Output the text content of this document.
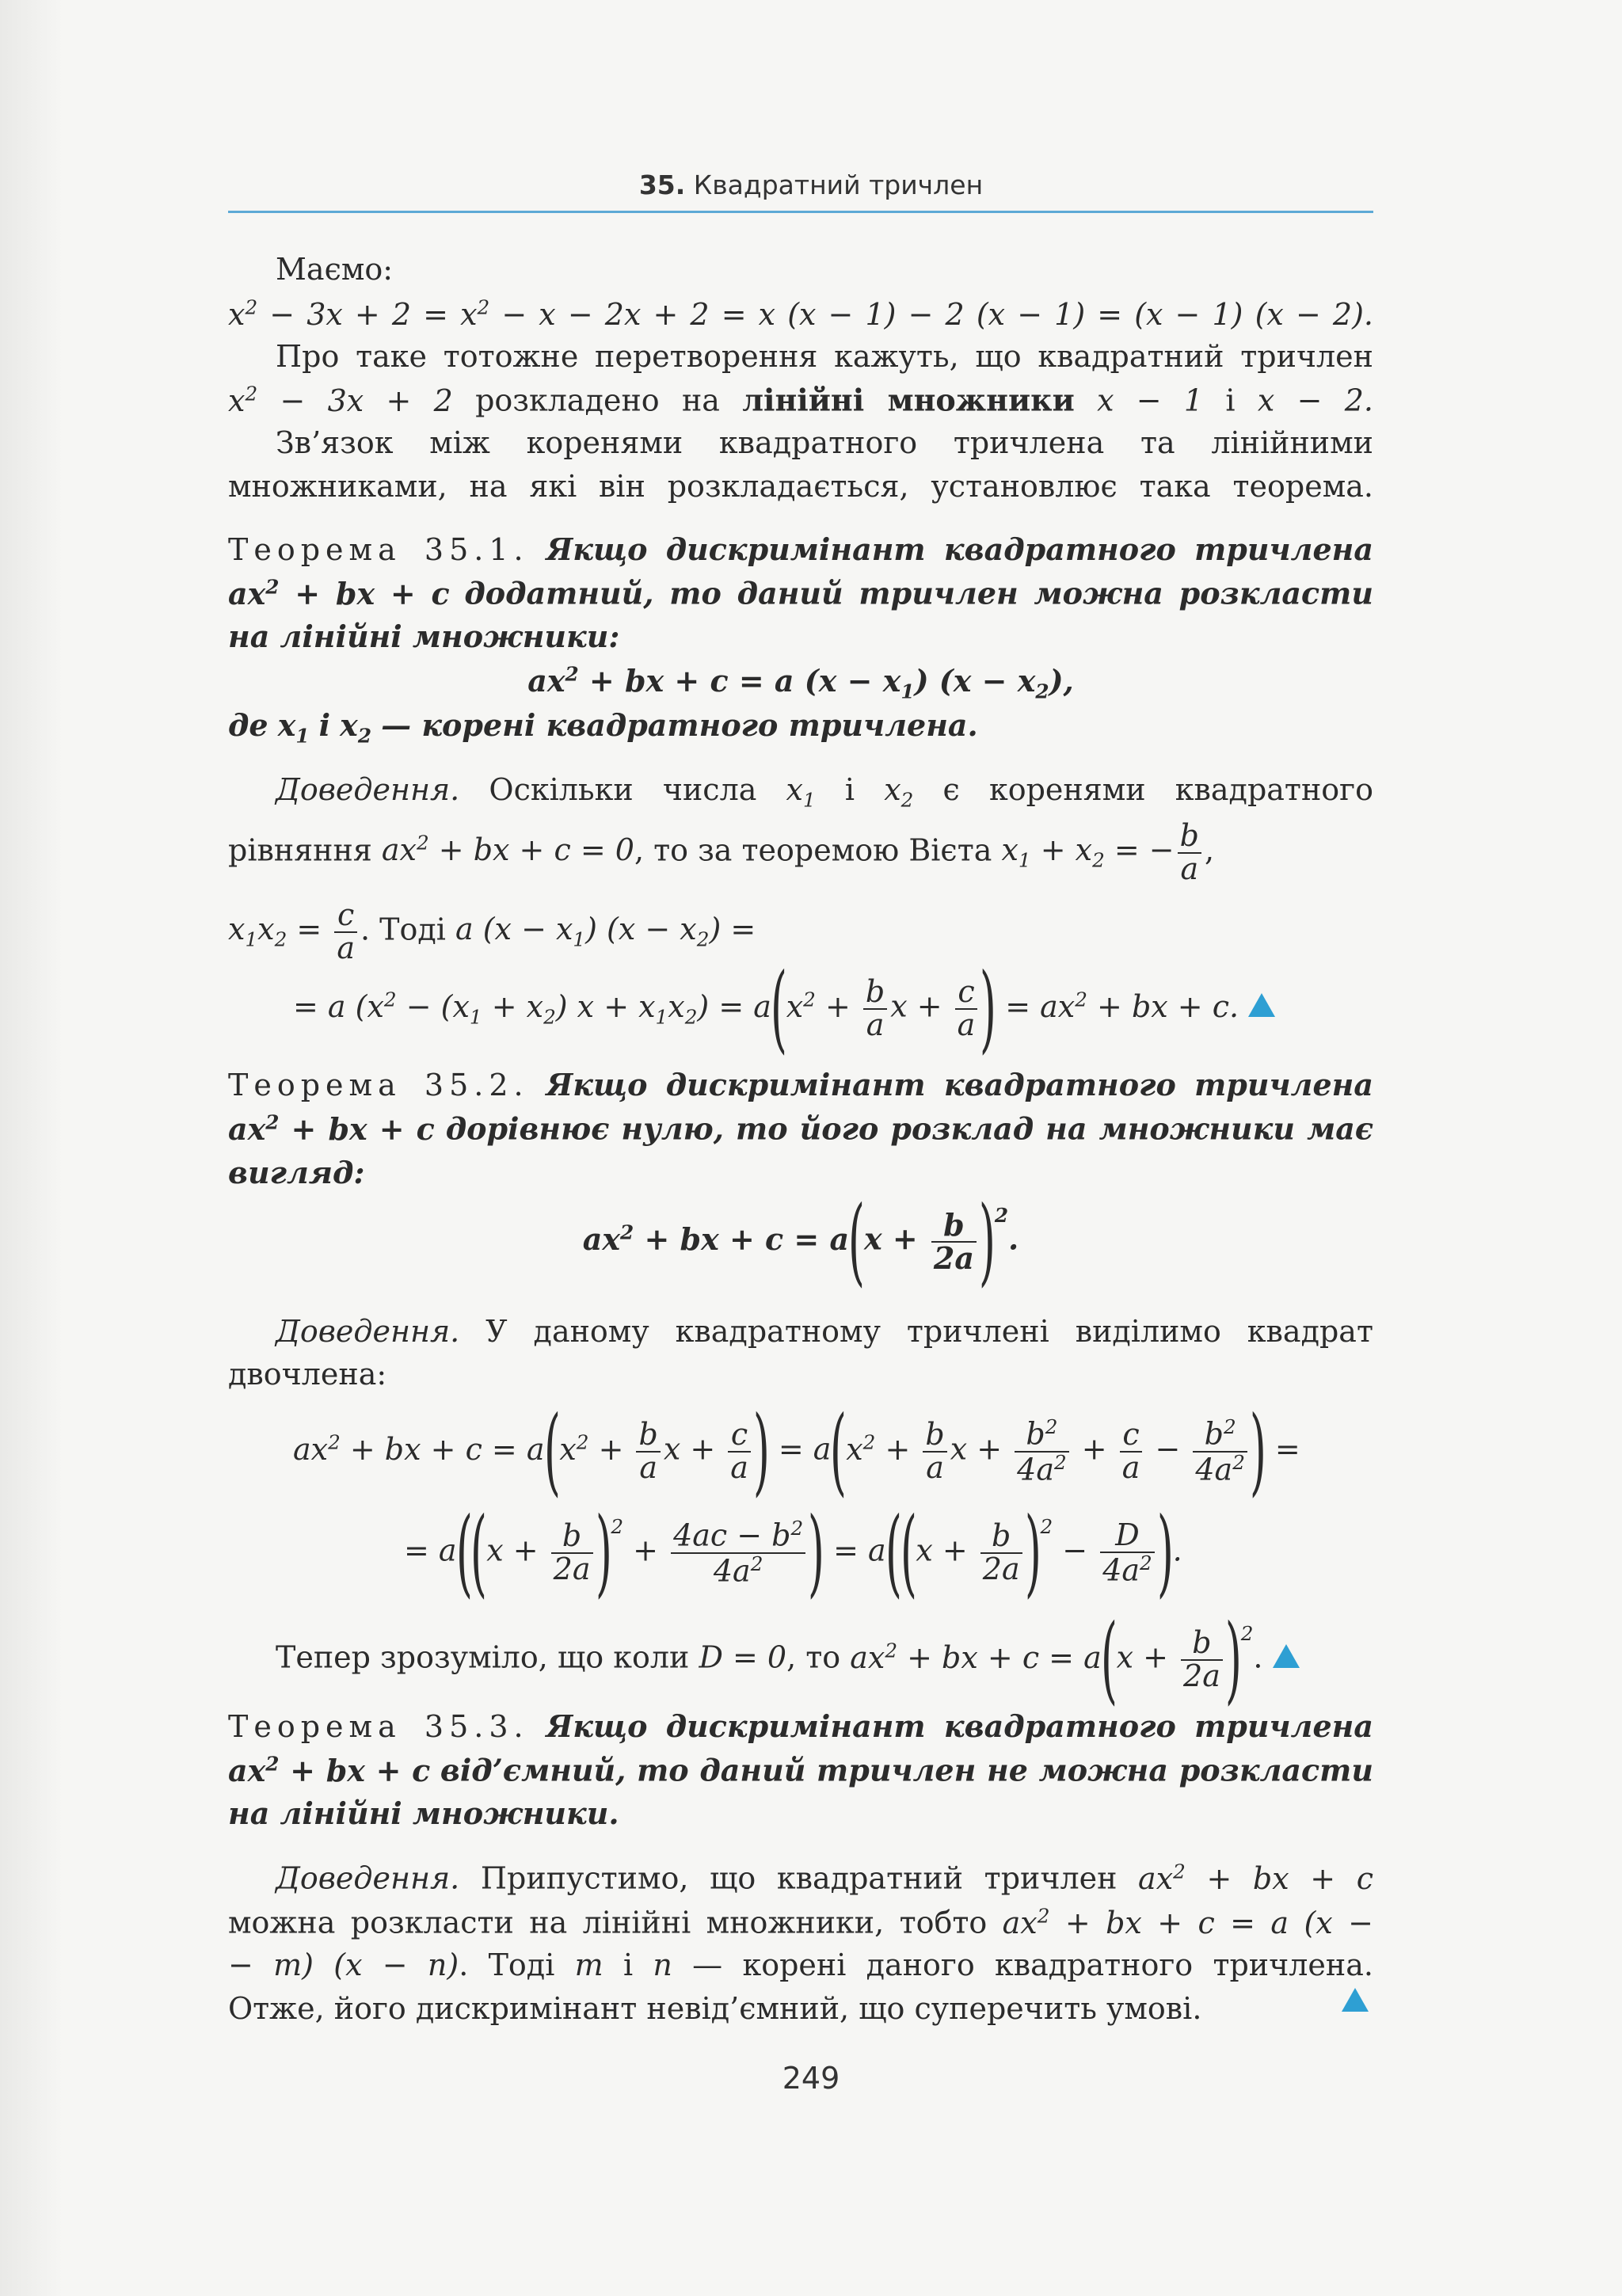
35. Квадратний тричлен
Маємо:
$x^2 - 3x + 2 = x^2 - x - 2x + 2 = x$ (x − 1) − 2 (x − 1) = (x − 1) (x − 2).
Про таке тотожне перетворення кажуть, що квадратний тричлен
$x^2 - 3x + 2$ розкладено на лінійні множники x − 1 і x − 2.
Зв’язок між коренями квадратного тричлена та лінійними
множниками, на які він розкладається, установлює така теорема.
Теорема 35.1. Якщо дискримінант квадратного тричлена
$ax^2$ + bx + c додатний, то даний тричлен можна розкласти
на лінійні множники:
$ax^2$ + bx + c = a $(x - x_1)$ $(x - x_2)$,
де $x_1$ і $x_2$ — корені квадратного тричлена.
Доведення. Оскільки числа $x_1$ і $x_2$ є коренями квадратного
рівняння $ax^2$ + bx + c = 0, то за теоремою Вієта $x_1 + x_2$ = − $\frac{b}{a}$ ,
$x_1x_2 = \frac{c}{a}$ . Тоді a $(x - x_1)$ $(x - x_2)$ =
= a $(x^2 - (x_1 + x_2) x + x_1x_2) = a(x^2 + \frac{b}{a}$ $x + \frac{c}{a}$ ) = $ax^2$ + bx + c.
Теорема 35.2. Якщо дискримінант квадратного тричлена
$ax^2$ + bx + c дорівнює нулю, то його розклад на множники має
вигляд:
$ax^2$ + bx + $c = a(x + \frac{b}{2a} )^2$.
Доведення. У даному квадратному тричлені виділимо квадрат
двочлена:
$ax^2$ + bx + $c = a(x^2 + \frac{b}{a}$ $x + \frac{c}{a}$ ) = $a(x^2 + \frac{b}{a}$ $x + \frac{b^2}{4a^2} + \frac{c}{a} - \frac{b^2}{4a^2}$ ) =
= $a((x + \frac{b}{2a} )^2 + \frac{4ac - b^2}{4a^2}$ ) = $a((x + \frac{b}{2a} )^2 - \frac{D}{4a^2}$ ).
Тепер зрозуміло, що коли D = 0, то $ax^2$ + bx + $c = a(x + \frac{b}{2a} )^2$.
Теорема 35.3. Якщо дискримінант квадратного тричлена
$ax^2$ + bx + c від’ємний, то даний тричлен не можна розкласти
на лінійні множники.
Доведення. Припустимо, що квадратний тричлен $ax^2$ + bx + c
можна розкласти на лінійні множники, тобто $ax^2$ + bx + c = a (x −
− m) (x − n). Тоді m і n — корені даного квадратного тричлена.
Отже, його дискримінант невід’ємний, що суперечить умові.
249
